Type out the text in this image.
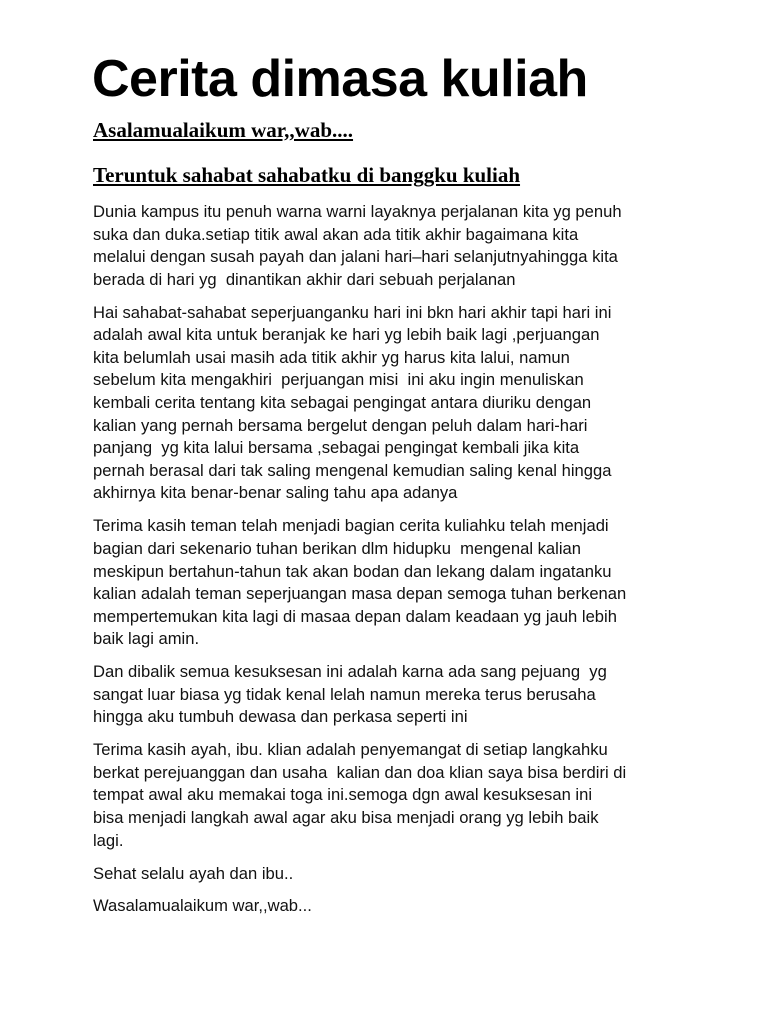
Cerita dimasa kuliah
Asalamualaikum war,,wab....
Teruntuk sahabat sahabatku di banggku kuliah
Dunia kampus itu penuh warna warni layaknya perjalanan kita yg penuh
suka dan duka.setiap titik awal akan ada titik akhir bagaimana kita
melalui dengan susah payah dan jalani hari–hari selanjutnyahingga kita
berada di hari yg  dinantikan akhir dari sebuah perjalanan
Hai sahabat-sahabat seperjuanganku hari ini bkn hari akhir tapi hari ini
adalah awal kita untuk beranjak ke hari yg lebih baik lagi ,perjuangan
kita belumlah usai masih ada titik akhir yg harus kita lalui, namun
sebelum kita mengakhiri  perjuangan misi  ini aku ingin menuliskan
kembali cerita tentang kita sebagai pengingat antara diuriku dengan
kalian yang pernah bersama bergelut dengan peluh dalam hari-hari
panjang  yg kita lalui bersama ,sebagai pengingat kembali jika kita
pernah berasal dari tak saling mengenal kemudian saling kenal hingga
akhirnya kita benar-benar saling tahu apa adanya
Terima kasih teman telah menjadi bagian cerita kuliahku telah menjadi
bagian dari sekenario tuhan berikan dlm hidupku  mengenal kalian
meskipun bertahun-tahun tak akan bodan dan lekang dalam ingatanku
kalian adalah teman seperjuangan masa depan semoga tuhan berkenan
mempertemukan kita lagi di masaa depan dalam keadaan yg jauh lebih
baik lagi amin.
Dan dibalik semua kesuksesan ini adalah karna ada sang pejuang  yg
sangat luar biasa yg tidak kenal lelah namun mereka terus berusaha
hingga aku tumbuh dewasa dan perkasa seperti ini
Terima kasih ayah, ibu. klian adalah penyemangat di setiap langkahku
berkat perejuanggan dan usaha  kalian dan doa klian saya bisa berdiri di
tempat awal aku memakai toga ini.semoga dgn awal kesuksesan ini
bisa menjadi langkah awal agar aku bisa menjadi orang yg lebih baik
lagi.
Sehat selalu ayah dan ibu..
Wasalamualaikum war,,wab...
